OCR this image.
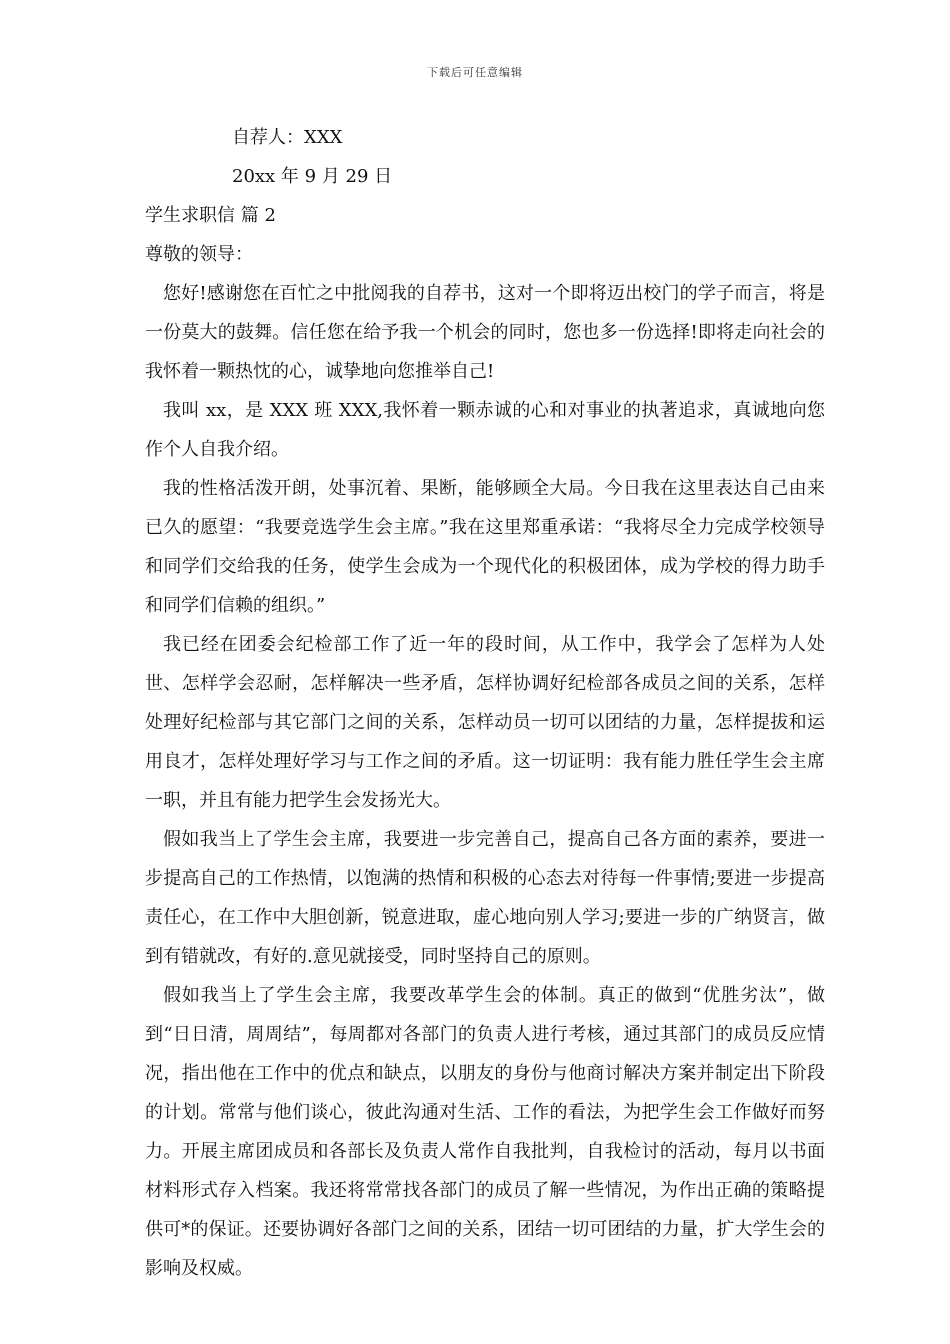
下载后可任意编辑
自荐人：XXX
20xx 年 9 月 29 日
学生求职信 篇 2
尊敬的领导：

您好!感谢您在百忙之中批阅我的自荐书，这对一个即将迈出校门的学子而言，将是一份莫大的鼓舞。信任您在给予我一个机会的同时，您也多一份选择!即将走向社会的我怀着一颗热忱的心，诚挚地向您推举自己!

我叫 xx，是 XXX 班 XXX,我怀着一颗赤诚的心和对事业的执著追求，真诚地向您作个人自我介绍。

我的性格活泼开朗，处事沉着、果断，能够顾全大局。今日我在这里表达自己由来已久的愿望：“我要竞选学生会主席。”我在这里郑重承诺：“我将尽全力完成学校领导和同学们交给我的任务，使学生会成为一个现代化的积极团体，成为学校的得力助手和同学们信赖的组织。”

我已经在团委会纪检部工作了近一年的段时间，从工作中，我学会了怎样为人处世、怎样学会忍耐，怎样解决一些矛盾，怎样协调好纪检部各成员之间的关系，怎样处理好纪检部与其它部门之间的关系，怎样动员一切可以团结的力量，怎样提拔和运用良才，怎样处理好学习与工作之间的矛盾。这一切证明：我有能力胜任学生会主席一职，并且有能力把学生会发扬光大。

假如我当上了学生会主席，我要进一步完善自己，提高自己各方面的素养，要进一步提高自己的工作热情，以饱满的热情和积极的心态去对待每一件事情;要进一步提高责任心，在工作中大胆创新，锐意进取，虚心地向别人学习;要进一步的广纳贤言，做到有错就改，有好的.意见就接受，同时坚持自己的原则。

假如我当上了学生会主席，我要改革学生会的体制。真正的做到“优胜劣汰”，做到“日日清，周周结”，每周都对各部门的负责人进行考核，通过其部门的成员反应情况，指出他在工作中的优点和缺点，以朋友的身份与他商讨解决方案并制定出下阶段的计划。常常与他们谈心，彼此沟通对生活、工作的看法，为把学生会工作做好而努力。开展主席团成员和各部长及负责人常作自我批判，自我检讨的活动，每月以书面材料形式存入档案。我还将常常找各部门的成员了解一些情况，为作出正确的策略提供可*的保证。还要协调好各部门之间的关系，团结一切可团结的力量，扩大学生会的影响及权威。
